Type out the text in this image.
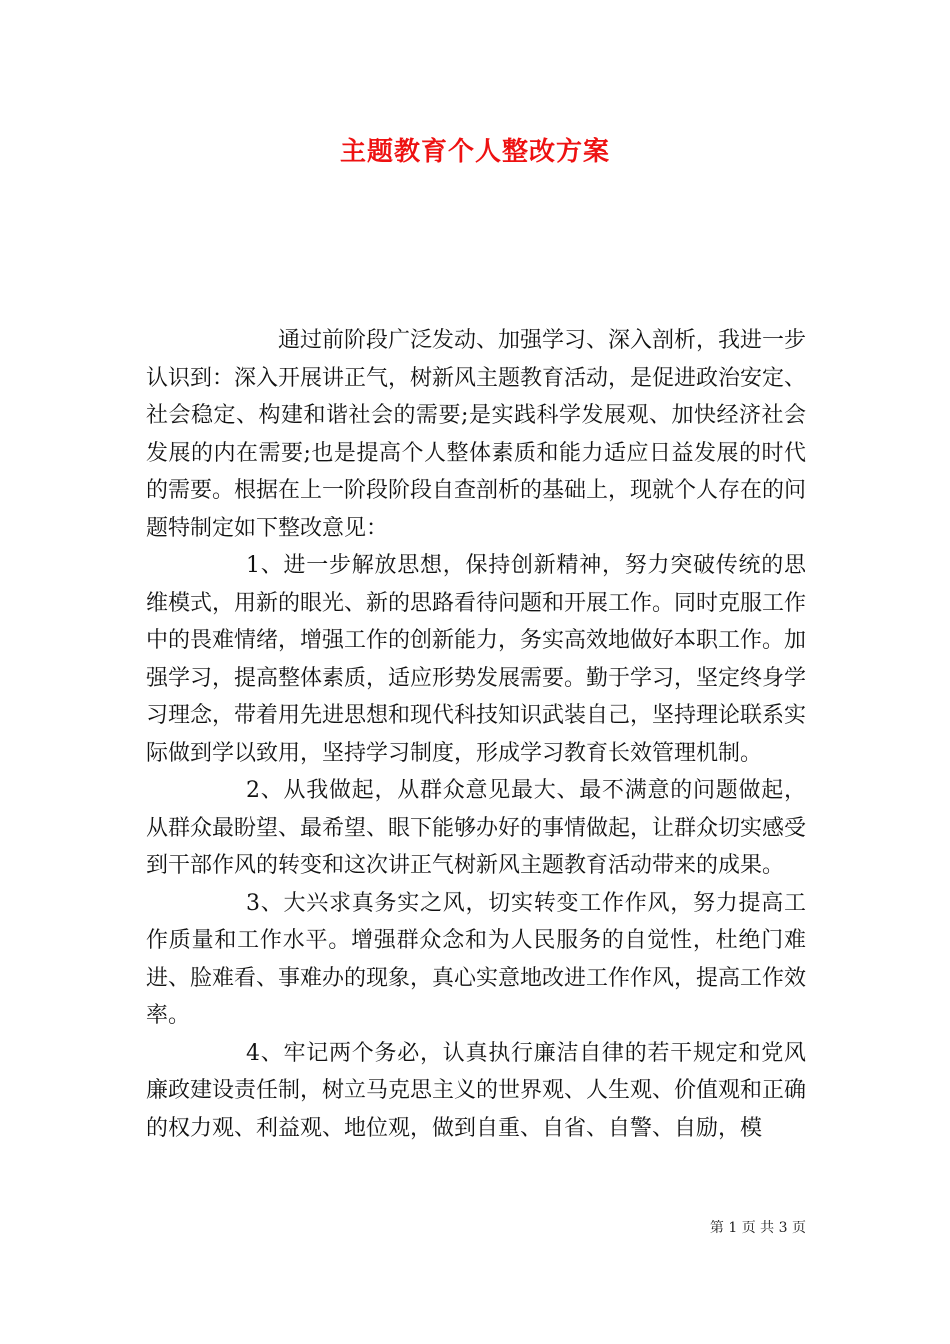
主题教育个人整改方案

通过前阶段广泛发动、加强学习、深入剖析，我进一步认识到：深入开展讲正气，树新风主题教育活动，是促进政治安定、社会稳定、构建和谐社会的需要;是实践科学发展观、加快经济社会发展的内在需要;也是提高个人整体素质和能力适应日益发展的时代的需要。根据在上一阶段阶段自查剖析的基础上，现就个人存在的问题特制定如下整改意见：

1、进一步解放思想，保持创新精神，努力突破传统的思维模式，用新的眼光、新的思路看待问题和开展工作。同时克服工作中的畏难情绪，增强工作的创新能力，务实高效地做好本职工作。加强学习，提高整体素质，适应形势发展需要。勤于学习，坚定终身学习理念，带着用先进思想和现代科技知识武装自己，坚持理论联系实际做到学以致用，坚持学习制度，形成学习教育长效管理机制。

2、从我做起，从群众意见最大、最不满意的问题做起，从群众最盼望、最希望、眼下能够办好的事情做起，让群众切实感受到干部作风的转变和这次讲正气树新风主题教育活动带来的成果。

3、大兴求真务实之风，切实转变工作作风，努力提高工作质量和工作水平。增强群众念和为人民服务的自觉性，杜绝门难进、脸难看、事难办的现象，真心实意地改进工作作风，提高工作效率。

4、牢记两个务必，认真执行廉洁自律的若干规定和党风廉政建设责任制，树立马克思主义的世界观、人生观、价值观和正确的权力观、利益观、地位观，做到自重、自省、自警、自励，模

第 1 页 共 3 页
